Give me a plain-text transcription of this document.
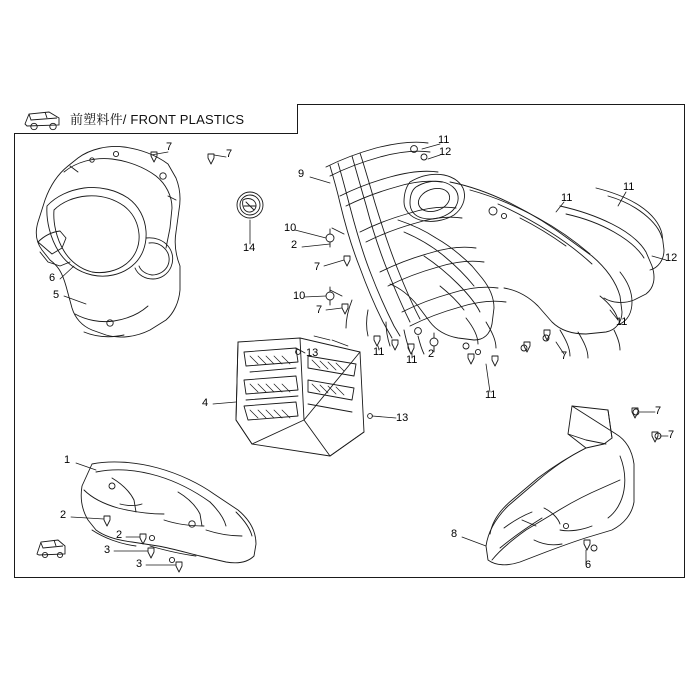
前塑料件/ FRONT PLASTICS
7
7
6
5
9
11
12
11
11
12
11
7
11
2
11
11
14
10
2
7
10
7
13
4
13
1
2
2
3
3
7
7
8
6
